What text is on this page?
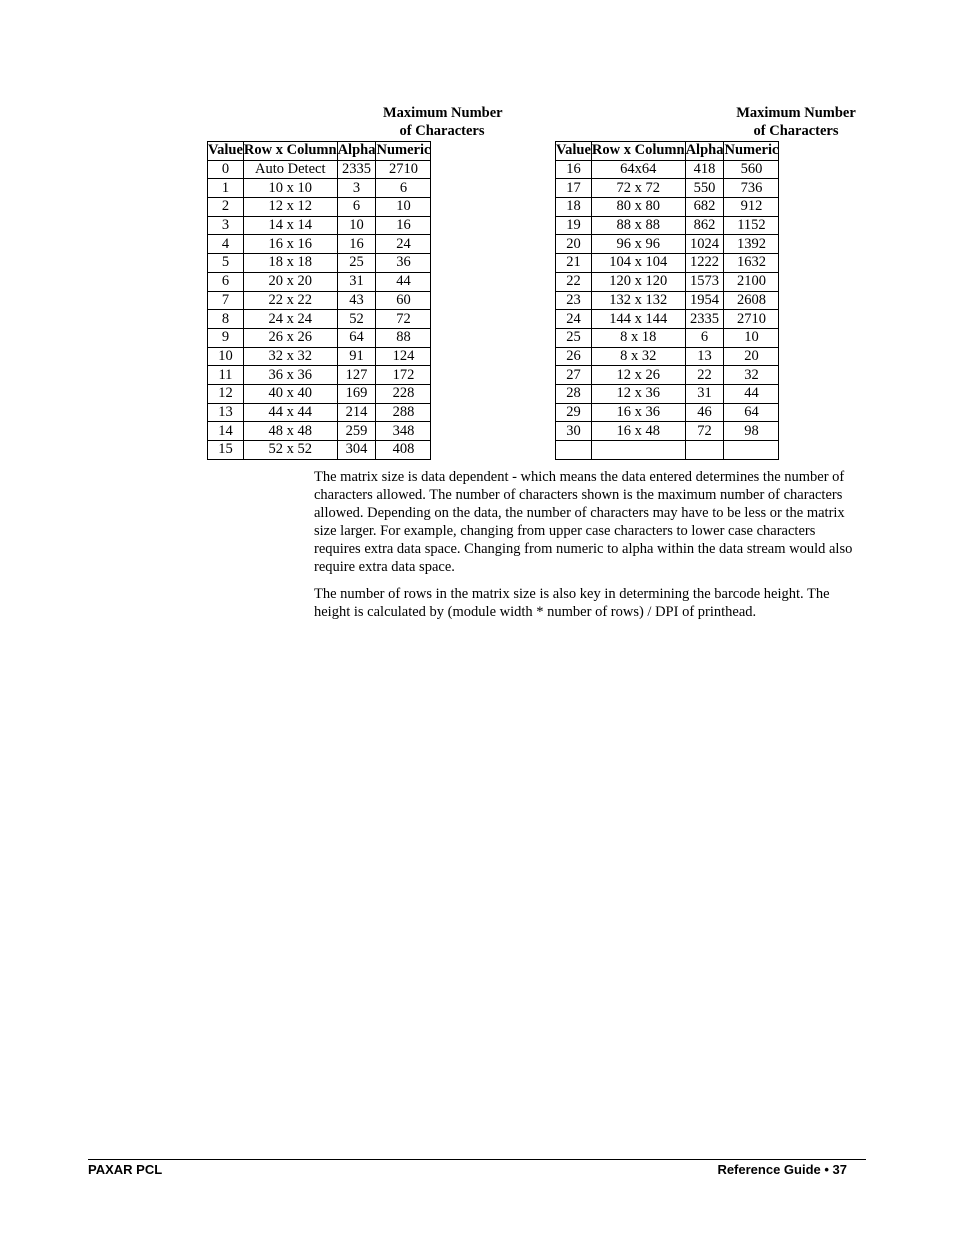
Maximum Number
of Characters
Value	Row x Column	Alpha	Numeric
0	Auto Detect	2335	2710
1	10 x 10	3	6
2	12 x 12	6	10
3	14 x 14	10	16
4	16 x 16	16	24
5	18 x 18	25	36
6	20 x 20	31	44
7	22 x 22	43	60
8	24 x 24	52	72
9	26 x 26	64	88
10	32 x 32	91	124
11	36 x 36	127	172
12	40 x 40	169	228
13	44 x 44	214	288
14	48 x 48	259	348
15	52 x 52	304	408
Maximum Number
of Characters
Value	Row x Column	Alpha	Numeric
16	64x64	418	560
17	72 x 72	550	736
18	80 x 80	682	912
19	88 x 88	862	1152
20	96 x 96	1024	1392
21	104 x 104	1222	1632
22	120 x 120	1573	2100
23	132 x 132	1954	2608
24	144 x 144	2335	2710
25	8 x 18	6	10
26	8 x 32	13	20
27	12 x 26	22	32
28	12 x 36	31	44
29	16 x 36	46	64
30	16 x 48	72	98

The matrix size is data dependent - which means the data entered determines the number of characters allowed. The number of characters shown is the maximum number of characters allowed. Depending on the data, the number of characters may have to be less or the matrix size larger. For example, changing from upper case characters to lower case characters requires extra data space. Changing from numeric to alpha within the data stream would also require extra data space.

The number of rows in the matrix size is also key in determining the barcode height. The height is calculated by (module width * number of rows) / DPI of printhead.

PAXAR PCL	Reference Guide • 37
